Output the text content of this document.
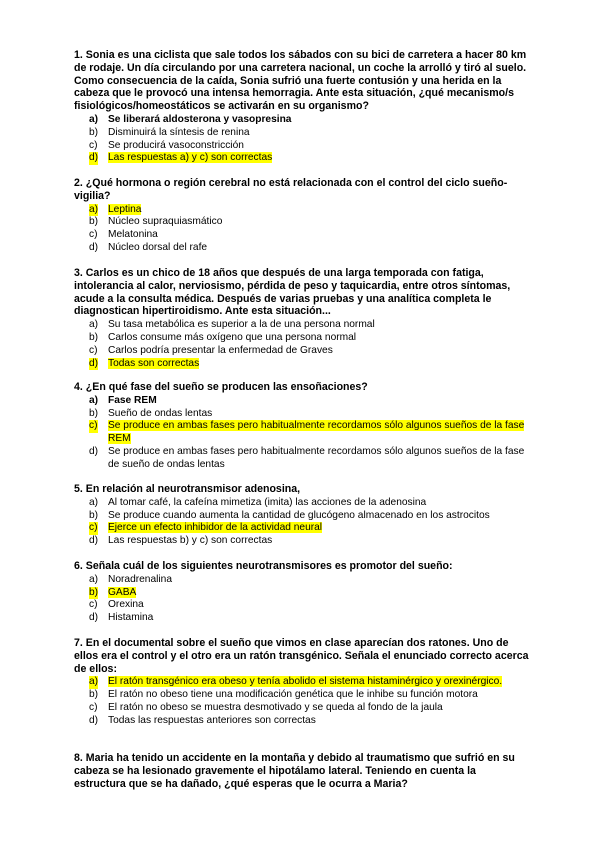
1. Sonia es una ciclista que sale todos los sábados con su bici de carretera a hacer 80 km de rodaje. Un día circulando por una carretera nacional, un coche la arrolló y tiró al suelo. Como consecuencia de la caída, Sonia sufrió una fuerte contusión y una herida en la cabeza que le provocó una intensa hemorragia. Ante esta situación, ¿qué mecanismo/s fisiológicos/homeostáticos se activarán en su organismo?

a) Se liberará aldosterona y vasopresina
b) Disminuirá la síntesis de renina
c) Se producirá vasoconstricción
d) Las respuestas a) y c) son correctas

2. ¿Qué hormona o región cerebral no está relacionada con el control del ciclo sueño-vigilia?

a) Leptina
b) Núcleo supraquiasmático
c) Melatonina
d) Núcleo dorsal del rafe

3. Carlos es un chico de 18 años que después de una larga temporada con fatiga, intolerancia al calor, nerviosismo, pérdida de peso y taquicardia, entre otros síntomas, acude a la consulta médica. Después de varias pruebas y una analítica completa le diagnostican hipertiroidismo. Ante esta situación...

a) Su tasa metabólica es superior a la de una persona normal
b) Carlos consume más oxígeno que una persona normal
c) Carlos podría presentar la enfermedad de Graves
d) Todas son correctas

4. ¿En qué fase del sueño se producen las ensoñaciones?

a) Fase REM
b) Sueño de ondas lentas
c) Se produce en ambas fases pero habitualmente recordamos sólo algunos sueños de la fase REM
d) Se produce en ambas fases pero habitualmente recordamos sólo algunos sueños de la fase de sueño de ondas lentas

5. En relación al neurotransmisor adenosina,

a) Al tomar café, la cafeína mimetiza (imita) las acciones de la adenosina
b) Se produce cuando aumenta la cantidad de glucógeno almacenado en los astrocitos
c) Ejerce un efecto inhibidor de la actividad neural
d) Las respuestas b) y c) son correctas

6. Señala cuál de los siguientes neurotransmisores es promotor del sueño:

a) Noradrenalina
b) GABA
c) Orexina
d) Histamina

7. En el documental sobre el sueño que vimos en clase aparecían dos ratones. Uno de ellos era el control y el otro era un ratón transgénico. Señala el enunciado correcto acerca de ellos:

a) El ratón transgénico era obeso y tenía abolido el sistema histaminérgico y orexinérgico.
b) El ratón no obeso tiene una modificación genética que le inhibe su función motora
c) El ratón no obeso se muestra desmotivado y se queda al fondo de la jaula
d) Todas las respuestas anteriores son correctas

8. Maria ha tenido un accidente en la montaña y debido al traumatismo que sufrió en su cabeza se ha lesionado gravemente el hipotálamo lateral. Teniendo en cuenta la estructura que se ha dañado, ¿qué esperas que le ocurra a Maria?
